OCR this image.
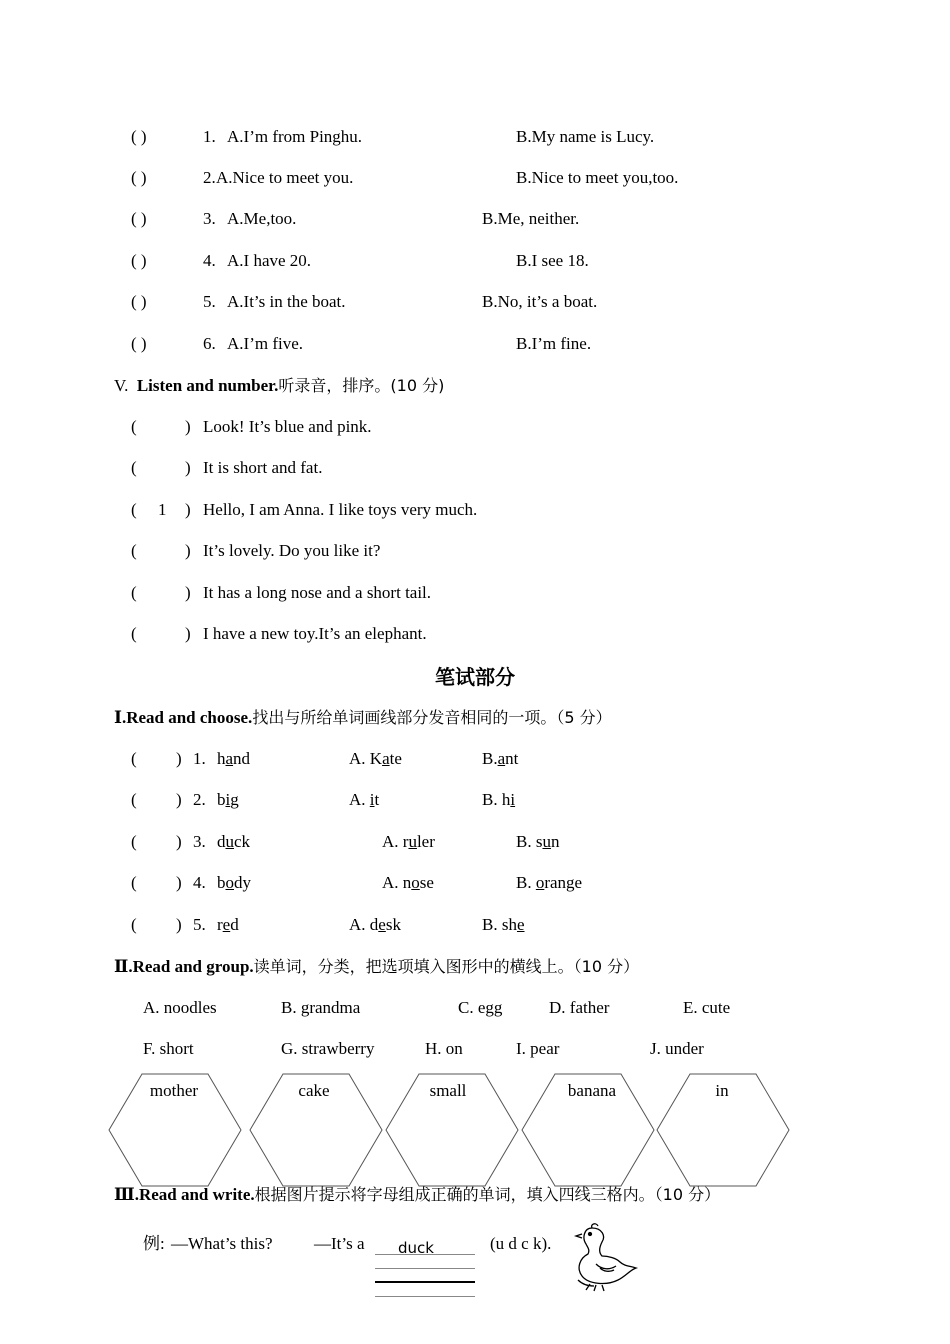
( )	1. A.I’m from Pinghu.	B.My name is Lucy.
( )	2. A.Nice to meet you.	B.Nice to meet you,too.
( )	3. A.Me,too.	B.Me, neither.
( )	4. A.I have 20.	B.I see 18.
( )	5. A.It’s in the boat.	B.No, it’s a boat.
( )	6. A.I’m five.	B.I’m fine.
V. Listen and number.听录音，排序。(10 分)
(	) Look! It’s blue and pink.
(	) It is short and fat.
( 1 ) Hello, I am Anna. I like toys very much.
(	) It’s lovely. Do you like it?
(	) It has a long nose and a short tail.
(	) I have a new toy.It’s an elephant.
笔试部分
Ⅰ.Read and choose.找出与所给单词画线部分发音相同的一项。（5 分）
( ) 1. hand	A. Kate	B.ant
( ) 2. big	A. it	B. hi
( ) 3. duck	A. ruler	B. sun
( ) 4. body	A. nose	B. orange
( ) 5. red	A. desk	B. she
Ⅱ.Read and group.读单词，分类，把选项填入图形中的横线上。（10 分）
A. noodles	B. grandma	C. egg	D. father	E. cute
F. short	G. strawberry	H. on	I. pear	J. under
mother	cake	small	banana	in
Ⅲ.Read and write.根据图片提示将字母组成正确的单词，填入四线三格内。（10 分）
例: —What’s this? —It’s a duck	(u d c k).
